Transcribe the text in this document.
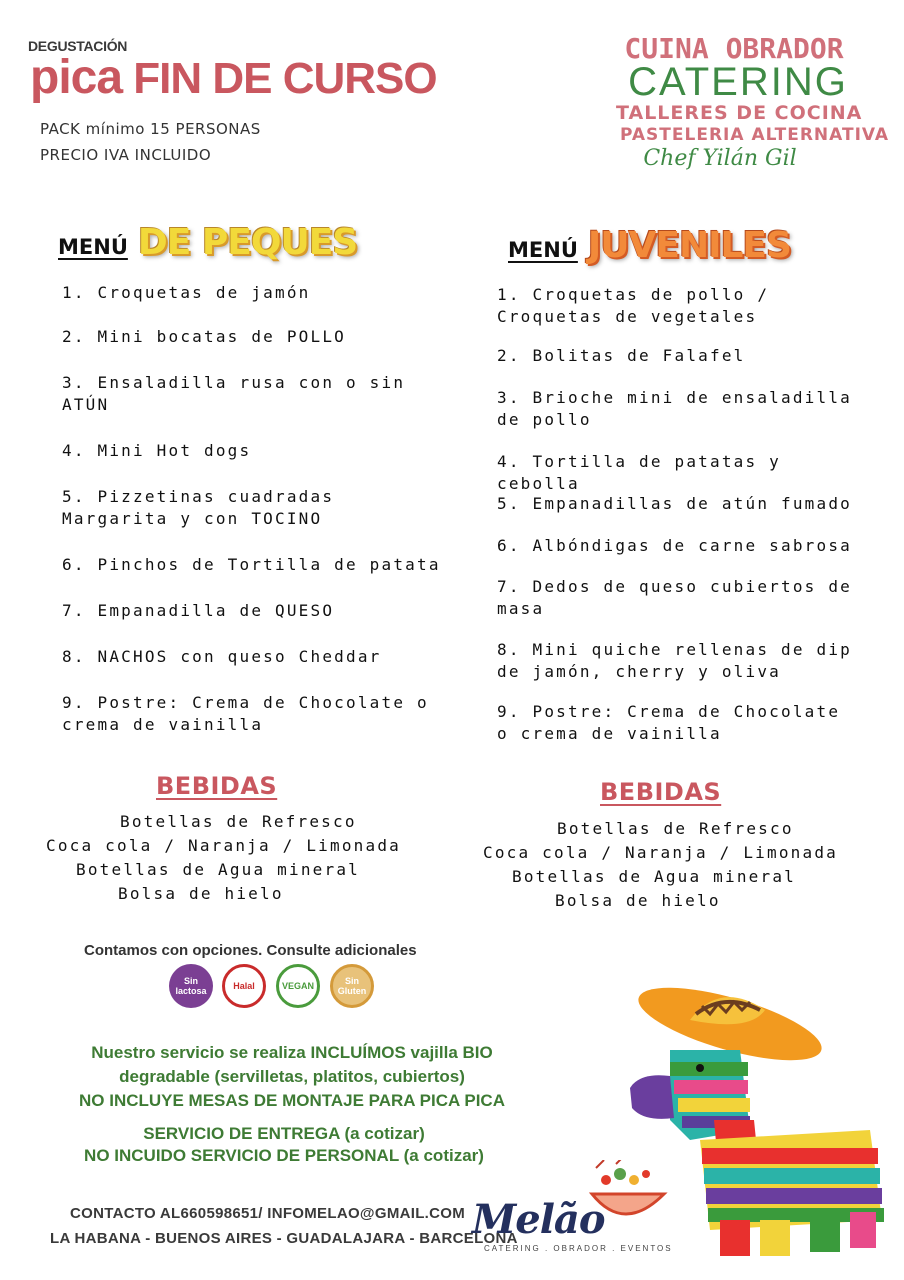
DEGUSTACIÓN
pica FIN DE CURSO
PACK mínimo 15 PERSONAS
PRECIO IVA INCLUIDO
CUINA OBRADOR
CATERING
TALLERES DE COCINA
PASTELERIA ALTERNATIVA
Chef Yilán Gil
MENÚ DE PEQUES	MENÚ JUVENILES
1. Croquetas de jamón
2. Mini bocatas de POLLO
3. Ensaladilla rusa con o sin ATÚN
4. Mini Hot dogs
5. Pizzetinas cuadradas Margarita y con TOCINO
6. Pinchos de Tortilla de patata
7. Empanadilla de QUESO
8. NACHOS con queso Cheddar
9. Postre: Crema de Chocolate o crema de vainilla
1. Croquetas de pollo / Croquetas de vegetales
2. Bolitas de Falafel
3. Brioche mini de ensaladilla de pollo
4. Tortilla de patatas y cebolla
5. Empanadillas de atún fumado
6. Albóndigas de carne sabrosa
7. Dedos de queso cubiertos de masa
8. Mini quiche rellenas de dip de jamón, cherry y oliva
9. Postre: Crema de Chocolate o crema de vainilla
BEBIDAS
Botellas de Refresco
Coca cola / Naranja / Limonada
Botellas de Agua mineral
Bolsa de hielo
BEBIDAS
Botellas de Refresco
Coca cola / Naranja / Limonada
Botellas de Agua mineral
Bolsa de hielo
Contamos con opciones. Consulte adicionales
Sin lactosa	Halal	VEGAN	Sin Gluten
Nuestro servicio se realiza INCLUÍMOS vajilla BIO
degradable (servilletas, platitos, cubiertos)
NO INCLUYE MESAS DE MONTAJE PARA PICA PICA
SERVICIO DE ENTREGA (a cotizar)
NO INCUIDO SERVICIO DE PERSONAL (a cotizar)
CONTACTO AL660598651/ INFOMELAO@GMAIL.COM
LA HABANA - BUENOS AIRES - GUADALAJARA - BARCELONA
Melão
CATERING . OBRADOR . EVENTOS
